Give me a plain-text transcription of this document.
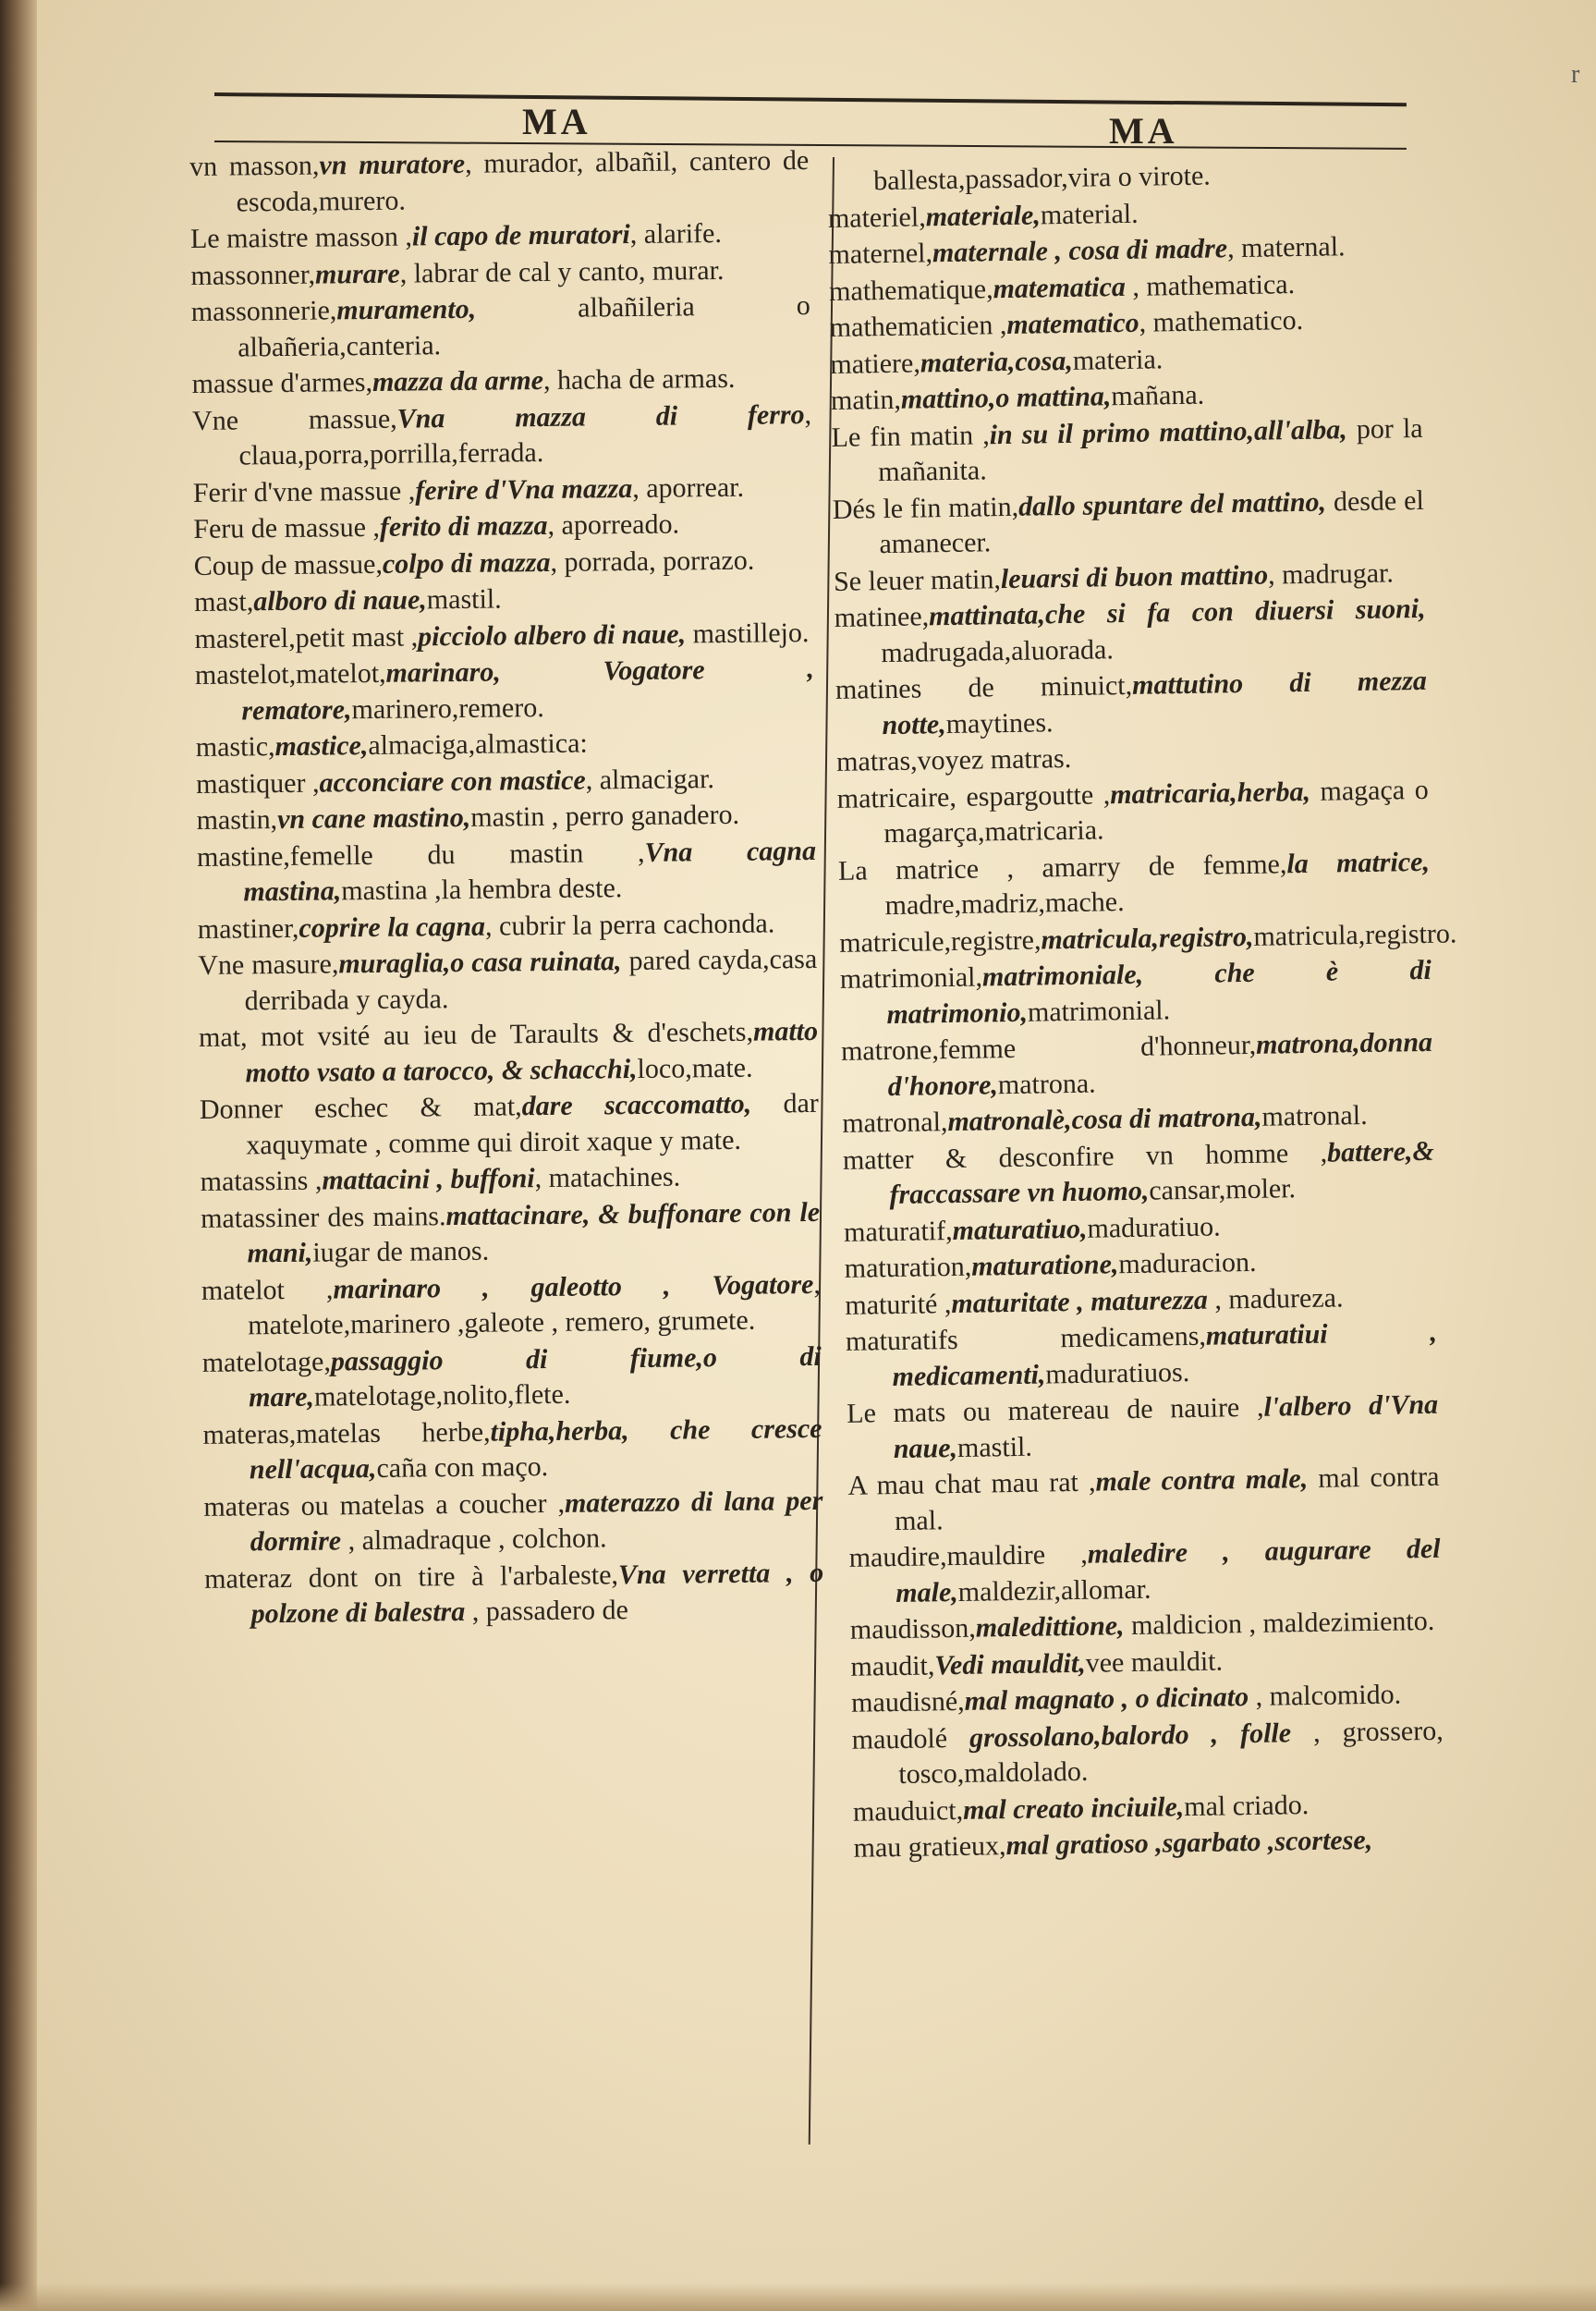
MA	MA
r

vn masson,vn muratore, murador, albañil, cantero de escoda,murero.

Le maistre masson ,il capo de muratori, alarife.

massonner,murare, labrar de cal y canto, murar.

massonnerie,muramento, albañileria o albañeria,canteria.

massue d'armes,mazza da arme, hacha de armas.

Vne massue,Vna mazza di ferro, claua,porra,porrilla,ferrada.

Ferir d'vne massue ,ferire d'Vna mazza, aporrear.

Feru de massue ,ferito di mazza, aporreado.

Coup de massue,colpo di mazza, porrada, porrazo.

mast,alboro di naue,mastil.

masterel,petit mast ,picciolo albero di naue, mastillejo.

mastelot,matelot,marinaro, Vogatore , rematore,marinero,remero.

mastic,mastice,almaciga,almastica:

mastiquer ,acconciare con mastice, almacigar.

mastin,vn cane mastino,mastin , perro ganadero.

mastine,femelle du mastin ,Vna cagna mastina,mastina ,la hembra deste.

mastiner,coprire la cagna, cubrir la perra cachonda.

Vne masure,muraglia,o casa ruinata, pared cayda,casa derribada y cayda.

mat, mot vsité au ieu de Taraults & d'eschets,matto motto vsato a tarocco, & schacchi,loco,mate.

Donner eschec & mat,dare scaccomatto, dar xaquymate , comme qui diroit xaque y mate.

matassins ,mattacini , buffoni, matachines.

matassiner des mains.mattacinare, & buffonare con le mani,iugar de manos.

matelot ,marinaro , galeotto , Vogatore, matelote,marinero ,galeote , remero, grumete.

matelotage,passaggio di fiume,o di mare,matelotage,nolito,flete.

materas,matelas herbe,tipha,herba, che cresce nell'acqua,caña con maço.

materas ou matelas a coucher ,materazzo di lana per dormire , almadraque , colchon.

materaz dont on tire à l'arbaleste,Vna verretta , o polzone di balestra , passadero de

ballesta,passador,vira o virote.

materiel,materiale,material.

maternel,maternale , cosa di madre, maternal.

mathematique,matematica , mathematica.

mathematicien ,matematico, mathematico.

matiere,materia,cosa,materia.

matin,mattino,o mattina,mañana.

Le fin matin ,in su il primo mattino,all'alba, por la mañanita.

Dés le fin matin,dallo spuntare del mattino, desde el amanecer.

Se leuer matin,leuarsi di buon mattino, madrugar.

matinee,mattinata,che si fa con diuersi suoni, madrugada,aluorada.

matines de minuict,mattutino di mezza notte,maytines.

matras,voyez matras.

matricaire, espargoutte ,matricaria,herba, magaça o magarça,matricaria.

La matrice , amarry de femme,la matrice, madre,madriz,mache.

matricule,registre,matricula,registro,matricula,registro.

matrimonial,matrimoniale, che è di matrimonio,matrimonial.

matrone,femme d'honneur,matrona,donna d'honore,matrona.

matronal,matronalè,cosa di matrona,matronal.

matter & desconfire vn homme ,battere,& fraccassare vn huomo,cansar,moler.

maturatif,maturatiuo,maduratiuo.

maturation,maturatione,maduracion.

maturité ,maturitate , maturezza , madureza.

maturatifs medicamens,maturatiui , medicamenti,maduratiuos.

Le mats ou matereau de nauire ,l'albero d'Vna naue,mastil.

A mau chat mau rat ,male contra male, mal contra mal.

maudire,mauldire ,maledire , augurare del male,maldezir,allomar.

maudisson,maledittione, maldicion , maldezimiento.

maudit,Vedi mauldit,vee mauldit.

maudisné,mal magnato , o dicinato , malcomido.

maudolé grossolano,balordo , folle , grossero, tosco,maldolado.

mauduict,mal creato inciuile,mal criado.

mau gratieux,mal gratioso ,sgarbato ,scortese,
